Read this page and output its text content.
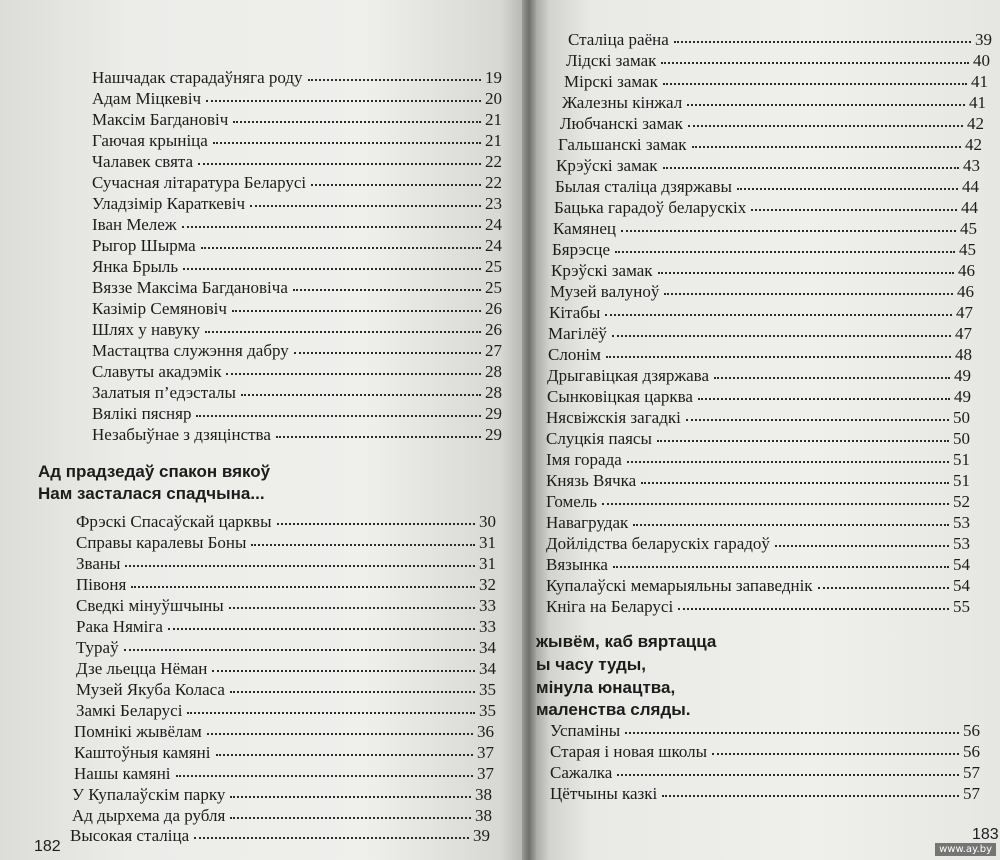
Нашчадак старадаўняга роду	19
Адам Міцкевіч	20
Максім Багдановіч	21
Гаючая крыніца	21
Чалавек свята	22
Сучасная літаратура Беларусі	22
Уладзімір Караткевіч	23
Іван Мележ	24
Рыгор Шырма	24
Янка Брыль	25
Вяззе Максіма Багдановіча	25
Казімір Семяновіч	26
Шлях у навуку	26
Мастацтва служэння дабру	27
Славуты акадэмік	28
Залатыя п’едэсталы	28
Вялікі пясняр	29
Незабыўнае з дзяцінства	29
Ад прадзедаў спакон вякоў
Нам засталася спадчына...
Фрэскі Спасаўскай царквы	30
Справы каралевы Боны	31
Званы	31
Півоня	32
Сведкі мінуўшчыны	33
Рака Няміга	33
Тураў	34
Дзе льецца Нёман	34
Музей Якуба Коласа	35
Замкі Беларусі	35
Помнікі жывёлам	36
Каштоўныя камяні	37
Нашы камяні	37
У Купалаўскім парку	38
Ад дырхема да рубля	38
Высокая сталіца	39
182
Сталіца раёна	39
Лідскі замак	40
Мірскі замак	41
Жалезны кінжал	41
Любчанскі замак	42
Гальшанскі замак	42
Крэўскі замак	43
Былая сталіца дзяржавы	44
Бацька гарадоў беларускіх	44
Камянец	45
Бярэсце	45
Крэўскі замак	46
Музей валуноў	46
Кітабы	47
Магілёў	47
Слонім	48
Дрыгавіцкая дзяржава	49
Сынковіцкая царква	49
Нясвіжскія загадкі	50
Слуцкія паясы	50
Імя горада	51
Князь Вячка	51
Гомель	52
Навагрудак	53
Дойлідства беларускіх гарадоў	53
Вязынка	54
Купалаўскі мемарыяльны запаведнік	54
Кніга на Беларусі	55
жывём, каб вяртацца
ы часу туды,
мінула юнацтва,
маленства сляды.
Успаміны	56
Старая і новая школы	56
Сажалка	57
Цётчыны казкі	57
183
www.ay.by
